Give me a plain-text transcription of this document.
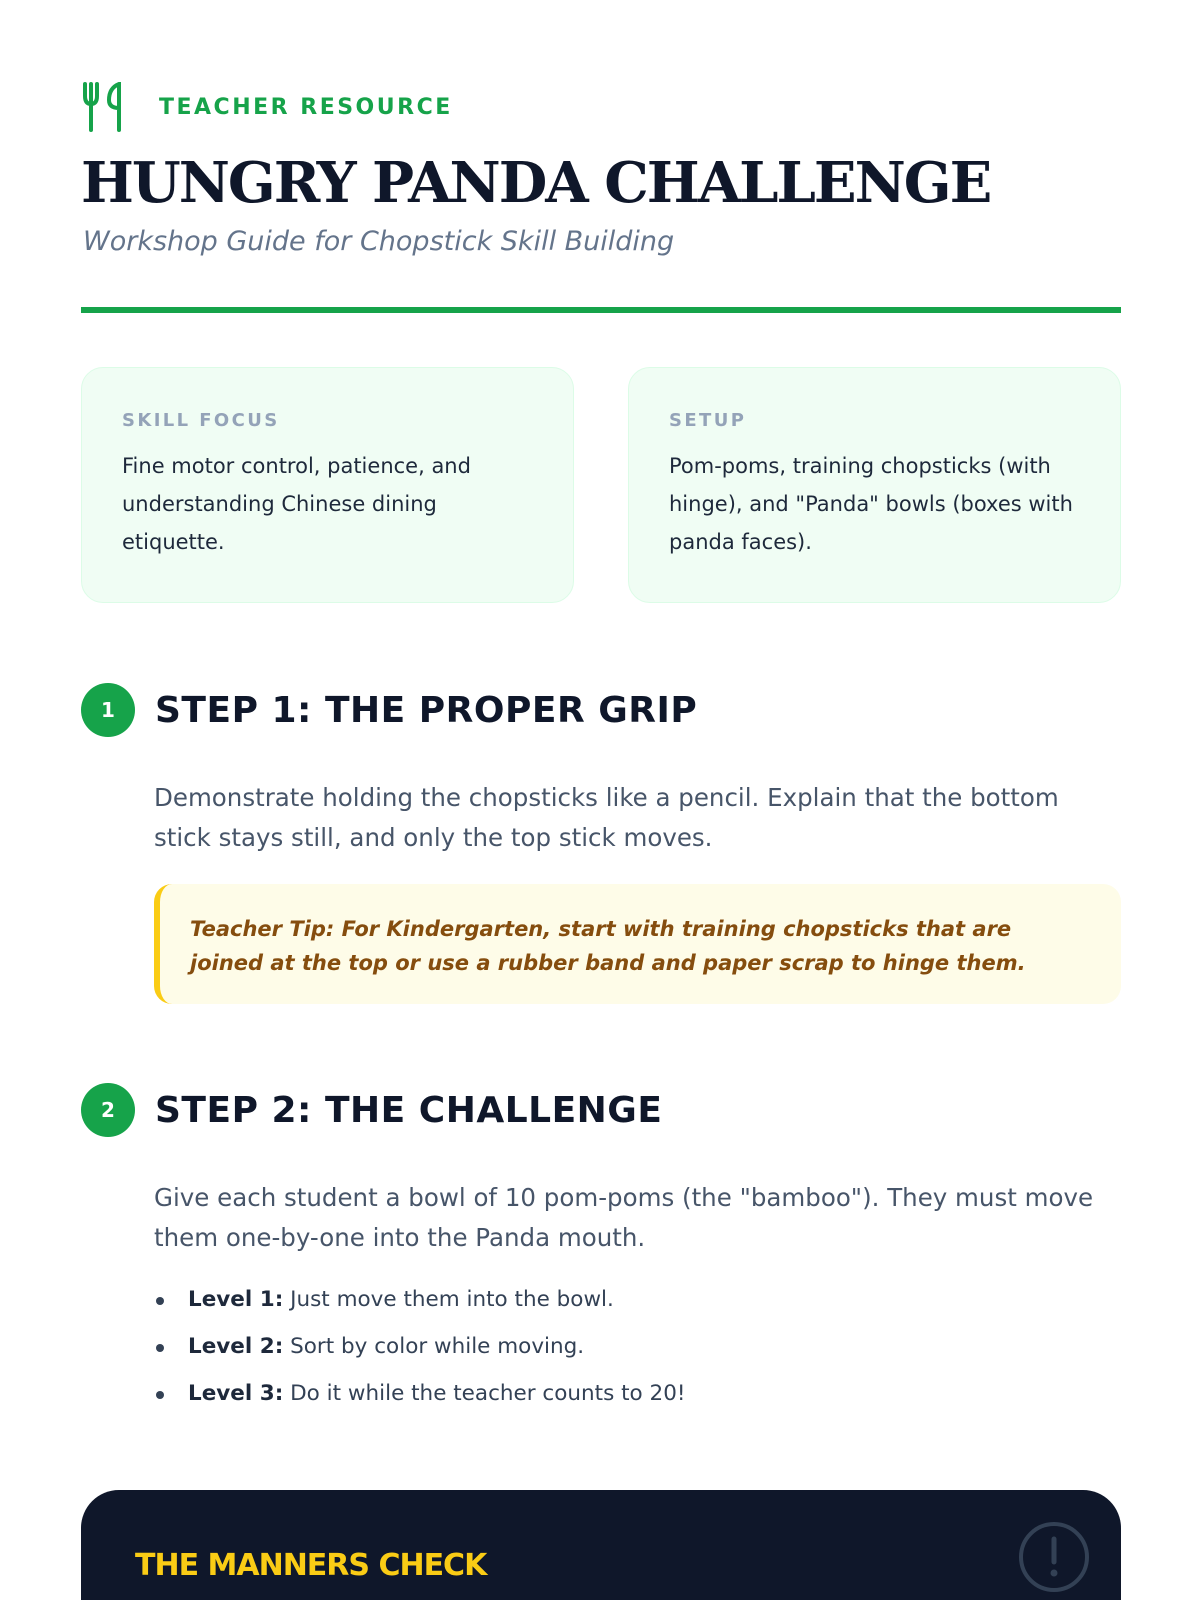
TEACHER RESOURCE
HUNGRY PANDA CHALLENGE
Workshop Guide for Chopstick Skill Building
SKILL FOCUS
Fine motor control, patience, and understanding Chinese dining etiquette.
SETUP
Pom-poms, training chopsticks (with hinge), and "Panda" bowls (boxes with panda faces).
1	STEP 1: THE PROPER GRIP

Demonstrate holding the chopsticks like a pencil. Explain that the bottom stick stays still, and only the top stick moves.

Teacher Tip: For Kindergarten, start with training chopsticks that are joined at the top or use a rubber band and paper scrap to hinge them.

2	STEP 2: THE CHALLENGE

Give each student a bowl of 10 pom-poms (the "bamboo"). They must move them one-by-one into the Panda mouth.

Level 1: Just move them into the bowl.
Level 2: Sort by color while moving.
Level 3: Do it while the teacher counts to 20!
THE MANNERS CHECK
